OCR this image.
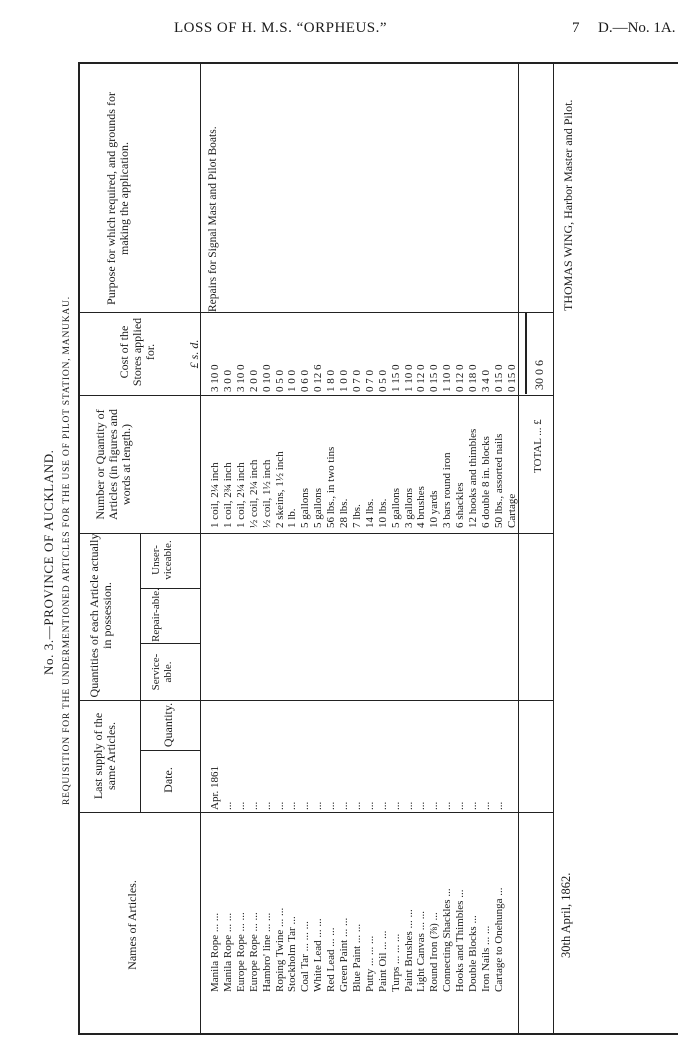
LOSS OF H. M.S. “ORPHEUS.”	7 D.—No. 1A.
No. 3.—PROVINCE OF AUCKLAND. REQUISITION FOR THE UNDERMENTIONED ARTICLES FOR THE USE OF PILOT STATION, MANUKAU.
Names of Articles.
Last supply of the same Articles.	Date.
Quantity.
Quantities of each Article actually in possession.
Service-able.
Repair-able.
Unser-viceable.
Number or Quantity of Articles (in figures and words at length.)
Cost of the Stores applied for. £ s. d.
Purpose for which required, and grounds for making the application.
Manila Rope ... ...
Apr. 1861
1 coil, 2¼ inch
3 10 0
Manila Rope ... ...
...
1 coil, 2¾ inch
3 0 0
Europe Rope ... ...
...
1 coil, 2¼ inch
3 10 0
Europe Rope ... ...
...
½ coil, 2¼ inch
2 0 0
Hambro' line ... ...
...
½ coil, 1½ inch
0 10 0
Roping Twine ... ...
...
2 skeins, 1½ inch
0 5 0
Stockholm Tar ...
...
1 lb.
1 0 0
Coal Tar ... ... ...
...
5 gallons
0 6 0
White Lead ... ...
...
5 gallons
0 12 6
Red Lead ... ...
...
56 lbs., in two tins
1 8 0
Green Paint ... ...
...
28 lbs.
1 0 0
Blue Paint ... ...
...
7 lbs.
0 7 0
Putty ... ... ...
...
14 lbs.
0 7 0
Paint Oil ... ...
...
10 lbs.
0 5 0
Turps ... ... ...
...
5 gallons
1 15 0
Paint Brushes ... ...
...
3 gallons
1 10 0
Light Canvas ... ...
...
4 brushes
0 12 0
Round Iron (⅞) ...
...
10 yards
0 15 0
Connecting Shackles ...
...
3 bars round iron
1 10 0
Hooks and Thimbles ...
...
6 shackles
0 12 0
Double Blocks ...
...
12 hooks and thimbles
0 18 0
Iron Nails ... ...
...
6 double 8 in. blocks
3 4 0
Cartage to Onehunga ...
...
50 lbs., assorted nails
0 15 0
Cartage
0 15 0
Repairs for Signal Mast and Pilot Boats.
TOTAL ... £
30 0 6
30th April, 1862.
THOMAS WING, Harbor Master and Pilot.
